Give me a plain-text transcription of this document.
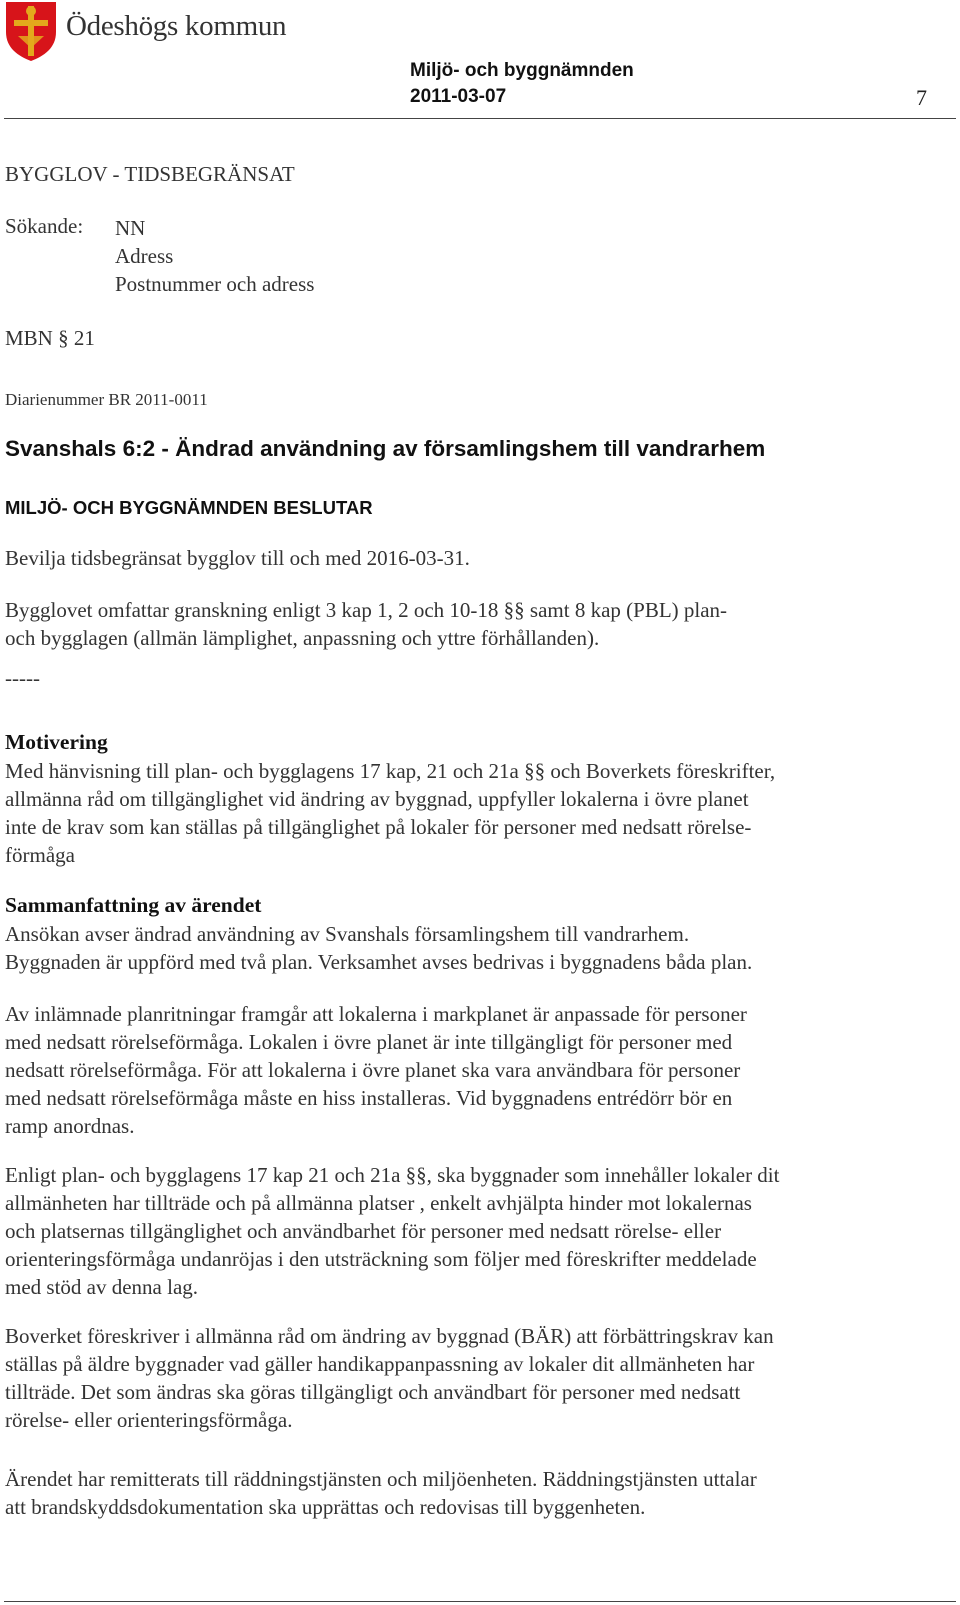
Ödeshögs kommun
Miljö- och byggnämnden
2011-03-07	7
BYGGLOV - TIDSBEGRÄNSAT
Sökande: NN
Adress
Postnummer och adress
MBN § 21
Diarienummer BR 2011-0011
Svanshals 6:2 - Ändrad användning av församlingshem till vandrarhem
MILJÖ- OCH BYGGNÄMNDEN BESLUTAR
Bevilja tidsbegränsat bygglov till och med 2016-03-31.
Bygglovet omfattar granskning enligt 3 kap 1, 2 och 10-18 §§ samt 8 kap (PBL) plan-
och bygglagen (allmän lämplighet, anpassning och yttre förhållanden).
-----
Motivering
Med hänvisning till plan- och bygglagens 17 kap, 21 och 21a §§ och Boverkets föreskrifter,
allmänna råd om tillgänglighet vid ändring av byggnad, uppfyller lokalerna i övre planet
inte de krav som kan ställas på tillgänglighet på lokaler för personer med nedsatt rörelse-
förmåga
Sammanfattning av ärendet
Ansökan avser ändrad användning av Svanshals församlingshem till vandrarhem.
Byggnaden är uppförd med två plan. Verksamhet avses bedrivas i byggnadens båda plan.
Av inlämnade planritningar framgår att lokalerna i markplanet är anpassade för personer
med nedsatt rörelseförmåga. Lokalen i övre planet är inte tillgängligt för personer med
nedsatt rörelseförmåga. För att lokalerna i övre planet ska vara användbara för personer
med nedsatt rörelseförmåga måste en hiss installeras. Vid byggnadens entrédörr bör en
ramp anordnas.
Enligt plan- och bygglagens 17 kap 21 och 21a §§, ska byggnader som innehåller lokaler dit
allmänheten har tillträde och på allmänna platser , enkelt avhjälpta hinder mot lokalernas
och platsernas tillgänglighet och användbarhet för personer med nedsatt rörelse- eller
orienteringsförmåga undanröjas i den utsträckning som följer med föreskrifter meddelade
med stöd av denna lag.
Boverket föreskriver i allmänna råd om ändring av byggnad (BÄR) att förbättringskrav kan
ställas på äldre byggnader vad gäller handikappanpassning av lokaler dit allmänheten har
tillträde. Det som ändras ska göras tillgängligt och användbart för personer med nedsatt
rörelse- eller orienteringsförmåga.
Ärendet har remitterats till räddningstjänsten och miljöenheten. Räddningstjänsten uttalar
att brandskyddsdokumentation ska upprättas och redovisas till byggenheten.
